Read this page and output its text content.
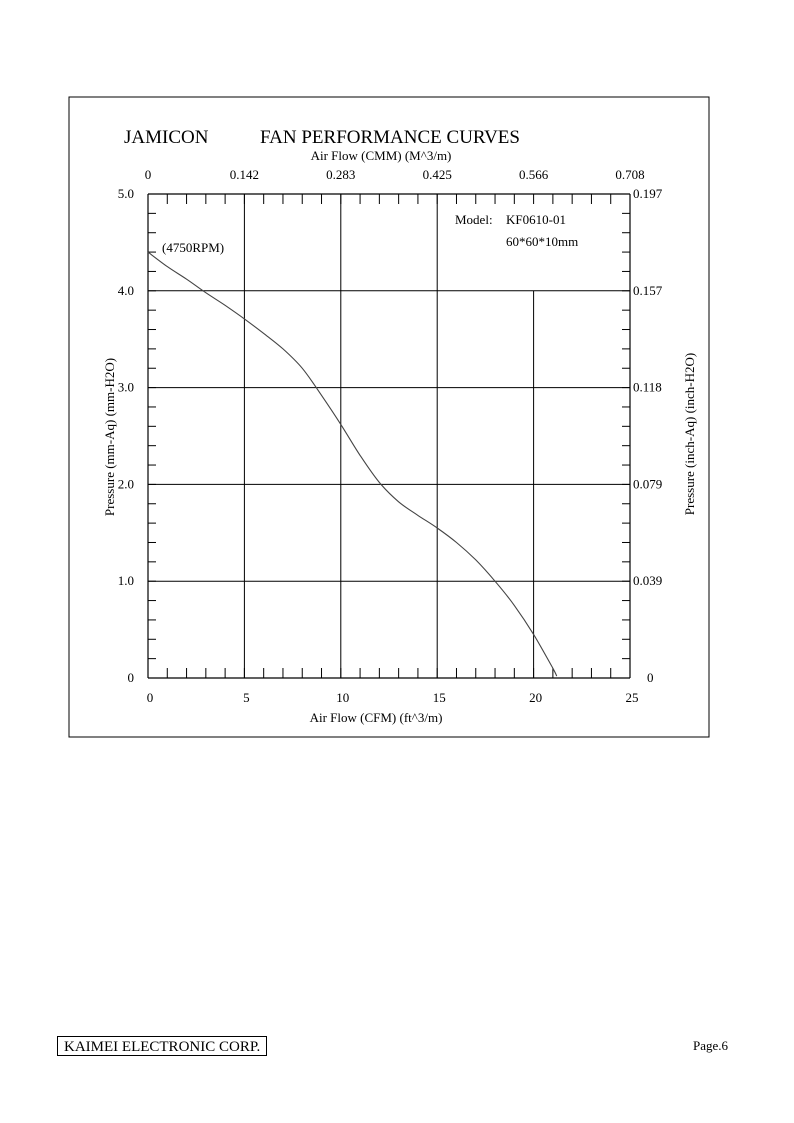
JAMICON	FAN PERFORMANCE CURVES
Air Flow (CMM) (M^3/m)
0	5	10	15	20	25
0	0.142	0.283	0.425	0.566	0.708
0
1.0
2.0
3.0
4.0
5.0
0
0.039
0.079
0.118
0.157
0.197
Pressure (mm-Aq) (mm-H2O)	Pressure (inch-Aq) (inch-H2O)
Air Flow (CFM) (ft^3/m)
Model: KF0610-01
60*60*10mm
(4750RPM)
KAIMEI ELECTRONIC CORP.	Page.6
